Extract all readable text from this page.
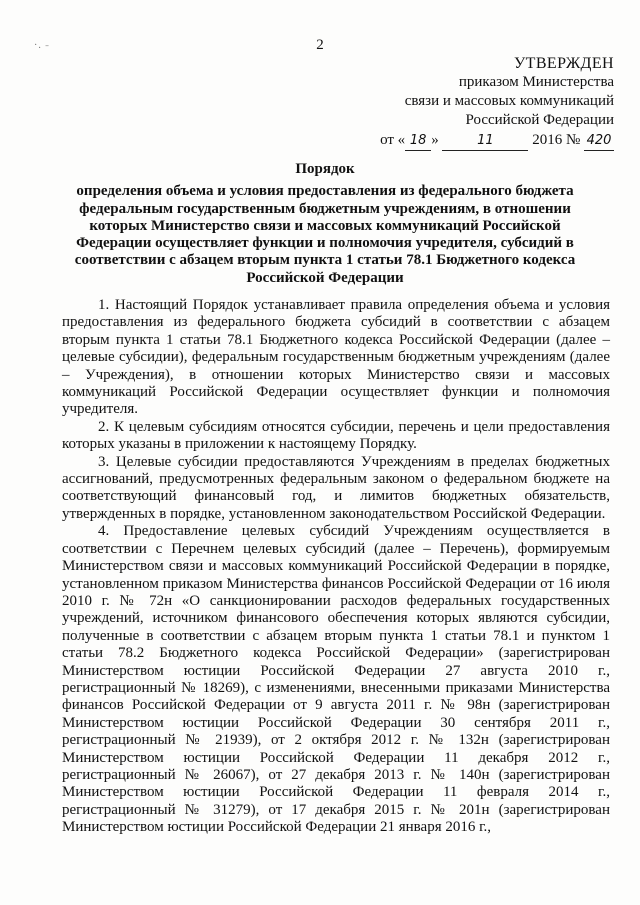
·. ˗	2
УТВЕРЖДЕН
приказом Министерства
связи и массовых коммуникаций
Российской Федерации
от « 18 »	11 2016 № 420
Порядок
определения объема и условия предоставления из федерального бюджета федеральным государственным бюджетным учреждениям, в отношении которых Министерство связи и массовых коммуникаций Российской Федерации осуществляет функции и полномочия учредителя, субсидий в соответствии с абзацем вторым пункта 1 статьи 78.1 Бюджетного кодекса Российской Федерации

1. Настоящий Порядок устанавливает правила определения объема и условия предоставления из федерального бюджета субсидий в соответствии с абзацем вторым пункта 1 статьи 78.1 Бюджетного кодекса Российской Федерации (далее – целевые субсидии), федеральным государственным бюджетным учреждениям (далее – Учреждения), в отношении которых Министерство связи и массовых коммуникаций Российской Федерации осуществляет функции и полномочия учредителя.

2. К целевым субсидиям относятся субсидии, перечень и цели предоставления которых указаны в приложении к настоящему Порядку.

3. Целевые субсидии предоставляются Учреждениям в пределах бюджетных ассигнований, предусмотренных федеральным законом о федеральном бюджете на соответствующий финансовый год, и лимитов бюджетных обязательств, утвержденных в порядке, установленном законодательством Российской Федерации.

4. Предоставление целевых субсидий Учреждениям осуществляется в соответствии с Перечнем целевых субсидий (далее – Перечень), формируемым Министерством связи и массовых коммуникаций Российской Федерации в порядке, установленном приказом Министерства финансов Российской Федерации от 16 июля 2010 г. № 72н «О санкционировании расходов федеральных государственных учреждений, источником финансового обеспечения которых являются субсидии, полученные в соответствии с абзацем вторым пункта 1 статьи 78.1 и пунктом 1 статьи 78.2 Бюджетного кодекса Российской Федерации» (зарегистрирован Министерством юстиции Российской Федерации 27 августа 2010 г., регистрационный № 18269), с изменениями, внесенными приказами Министерства финансов Российской Федерации от 9 августа 2011 г. № 98н (зарегистрирован Министерством юстиции Российской Федерации 30 сентября 2011 г., регистрационный № 21939), от 2 октября 2012 г. № 132н (зарегистрирован Министерством юстиции Российской Федерации 11 декабря 2012 г., регистрационный № 26067), от 27 декабря 2013 г. № 140н (зарегистрирован Министерством юстиции Российской Федерации 11 февраля 2014 г., регистрационный № 31279), от 17 декабря 2015 г. № 201н (зарегистрирован Министерством юстиции Российской Федерации 21 января 2016 г.,
